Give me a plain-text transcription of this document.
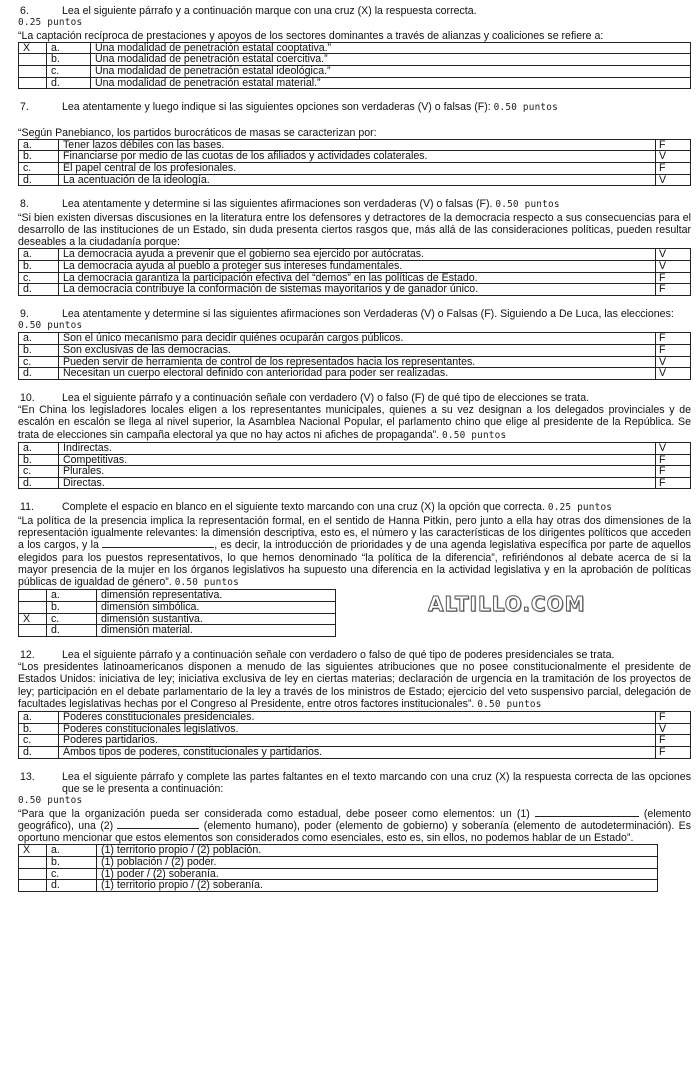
6.	Lea el siguiente párrafo y a continuación marque con una cruz (X) la respuesta correcta.
0.25 puntos
“La captación recíproca de prestaciones y apoyos de los sectores dominantes a través de alianzas y coaliciones se refiere a:
X	a.	Una modalidad de penetración estatal cooptativa.”
	b.	Una modalidad de penetración estatal coercitiva.”
	c.	Una modalidad de penetración estatal ideológica.”
	d.	Una modalidad de penetración estatal material.”
7.	Lea atentamente y luego indique si las siguientes opciones son verdaderas (V) o falsas (F): 0.50 puntos
“Según Panebianco, los partidos burocráticos de masas se caracterizan por:
a.	Tener lazos débiles con las bases.	F
b.	Financiarse por medio de las cuotas de los afiliados y actividades colaterales.	V
c.	El papel central de los profesionales.	F
d.	La acentuación de la ideología.	V
8.	Lea atentamente y determine si las siguientes afirmaciones son verdaderas (V) o falsas (F). 0.50 puntos
“Si bien existen diversas discusiones en la literatura entre los defensores y detractores de la democracia respecto a sus consecuencias para el desarrollo de las instituciones de un Estado, sin duda presenta ciertos rasgos que, más allá de las consideraciones políticas, pueden resultar deseables a la ciudadanía porque:
a.	La democracia ayuda a prevenir que el gobierno sea ejercido por autócratas.	V
b.	La democracia ayuda al pueblo a proteger sus intereses fundamentales.	V
c.	La democracia garantiza la participación efectiva del “demos” en las políticas de Estado.	F
d.	La democracia contribuye la conformación de sistemas mayoritarios y de ganador único.	F
9.	Lea atentamente y determine si las siguientes afirmaciones son Verdaderas (V) o Falsas (F). Siguiendo a De Luca, las elecciones:
0.50 puntos
a.	Son el único mecanismo para decidir quiénes ocuparán cargos públicos.	F
b.	Son exclusivas de las democracias.	F
c.	Pueden servir de herramienta de control de los representados hacia los representantes.	V
d.	Necesitan un cuerpo electoral definido con anterioridad para poder ser realizadas.	V
10.	Lea el siguiente párrafo y a continuación señale con verdadero (V) o falso (F) de qué tipo de elecciones se trata.
“En China los legisladores locales eligen a los representantes municipales, quienes a su vez designan a los delegados provinciales y de escalón en escalón se llega al nivel superior, la Asamblea Nacional Popular, el parlamento chino que elige al presidente de la República. Se trata de elecciones sin campaña electoral ya que no hay actos ni afiches de propaganda”. 0.50 puntos
a.	Indirectas.	V
b.	Competitivas.	F
c.	Plurales.	F
d.	Directas.	F
11.	Complete el espacio en blanco en el siguiente texto marcando con una cruz (X) la opción que correcta. 0.25 puntos
“La política de la presencia implica la representación formal, en el sentido de Hanna Pitkin, pero junto a ella hay otras dos dimensiones de la representación igualmente relevantes: la dimensión descriptiva, esto es, el número y las características de los dirigentes políticos que acceden a los cargos, y la	, es decir, la introducción de prioridades y de una agenda legislativa específica por parte de aquellos elegidos para los puestos representativos, lo que hemos denominado “la política de la diferencia”, refiriéndonos al debate acerca de si la mayor presencia de la mujer en los órganos legislativos ha supuesto una diferencia en la actividad legislativa y en la aprobación de políticas públicas de igualdad de género”. 0.50 puntos
	a.	dimensión representativa.
	b.	dimensión simbólica.
X	c.	dimensión sustantiva.
	d.	dimensión material.
ALTILLO.COM
12.	Lea el siguiente párrafo y a continuación señale con verdadero o falso de qué tipo de poderes presidenciales se trata.
“Los presidentes latinoamericanos disponen a menudo de las siguientes atribuciones que no posee constitucionalmente el presidente de Estados Unidos: iniciativa de ley; iniciativa exclusiva de ley en ciertas materias; declaración de urgencia en la tramitación de los proyectos de ley; participación en el debate parlamentario de la ley a través de los ministros de Estado; ejercicio del veto suspensivo parcial, delegación de facultades legislativas hechas por el Congreso al Presidente, entre otros factores institucionales”. 0.50 puntos
a.	Poderes constitucionales presidenciales.	F
b.	Poderes constitucionales legislativos.	V
c.	Poderes partidarios.	F
d.	Ambos tipos de poderes, constitucionales y partidarios.	F
13.	Lea el siguiente párrafo y complete las partes faltantes en el texto marcando con una cruz (X) la respuesta correcta de las opciones que se le presenta a continuación:
0.50 puntos
“Para que la organización pueda ser considerada como estadual, debe poseer como elementos: un (1)	(elemento geográfico), una (2)	(elemento humano), poder (elemento de gobierno) y soberanía (elemento de autodeterminación). Es oportuno mencionar que estos elementos son considerados como esenciales, esto es, sin ellos, no podemos hablar de un Estado”.
X	a.	(1) territorio propio / (2) población.
	b.	(1) población / (2) poder.
	c.	(1) poder / (2) soberanía.
	d.	(1) territorio propio / (2) soberanía.
